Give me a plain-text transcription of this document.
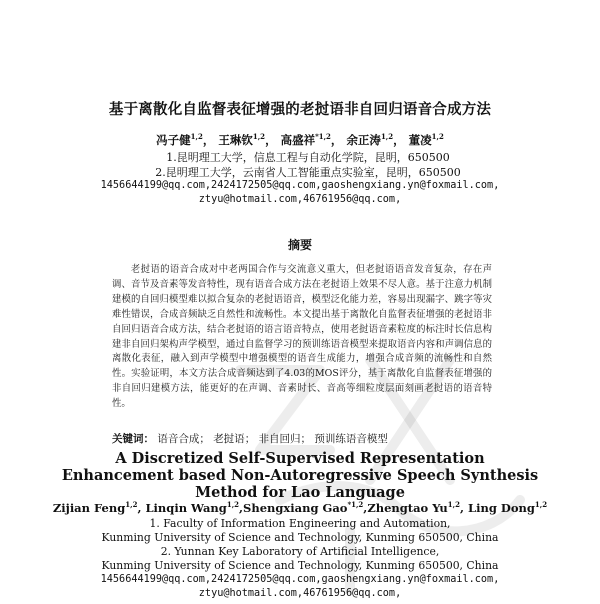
基于离散化自监督表征增强的老挝语非自回归语音合成方法
冯子健$^{1,2}$， 王琳钦$^{1,2}$， 高盛祥$^{*1,2}$， 余正涛$^{1,2}$， 董凌$^{1,2}$
1.昆明理工大学，信息工程与自动化学院，昆明，650500
2.昆明理工大学，云南省人工智能重点实验室，昆明，650500
1456644199@qq.com,2424172505@qq.com,gaoshengxiang.yn@foxmail.com,
ztyu@hotmail.com,46761956@qq.com,
摘要
老挝语的语音合成对中老两国合作与交流意义重大，但老挝语语音发音复杂，存在声调、音节及音素等发音特性，现有语音合成方法在老挝语上效果不尽人意。基于注意力机制建模的自回归模型难以拟合复杂的老挝语语音，模型泛化能力差，容易出现漏字、跳字等灾难性错误，合成音频缺乏自然性和流畅性。本文提出基于离散化自监督表征增强的老挝语非自回归语音合成方法，结合老挝语的语言语音特点，使用老挝语音素粒度的标注时长信息构建非自回归架构声学模型，通过自监督学习的预训练语音模型来提取语音内容和声调信息的离散化表征，融入到声学模型中增强模型的语音生成能力，增强合成音频的流畅性和自然性。实验证明，本文方法合成音频达到了4.03的MOS评分，基于离散化自监督表征增强的非自回归建模方法，能更好的在声调、音素时长、音高等细粒度层面刻画老挝语的语音特性。
关键词： 语音合成； 老挝语； 非自回归； 预训练语音模型
A Discretized Self-Supervised Representation
Enhancement based Non-Autoregressive Speech Synthesis
Method for Lao Language
Zijian Feng$^{1,2}$, Linqin Wang$^{1,2}$,Shengxiang Gao$^{*1,2}$,Zhengtao Yu$^{1,2}$, Ling Dong$^{1,2}$
1. Faculty of Information Engineering and Automation,
Kunming University of Science and Technology, Kunming 650500, China
2. Yunnan Key Laboratory of Artificial Intelligence,
Kunming University of Science and Technology, Kunming 650500, China
1456644199@qq.com,2424172505@qq.com,gaoshengxiang.yn@foxmail.com,
ztyu@hotmail.com,46761956@qq.com,
